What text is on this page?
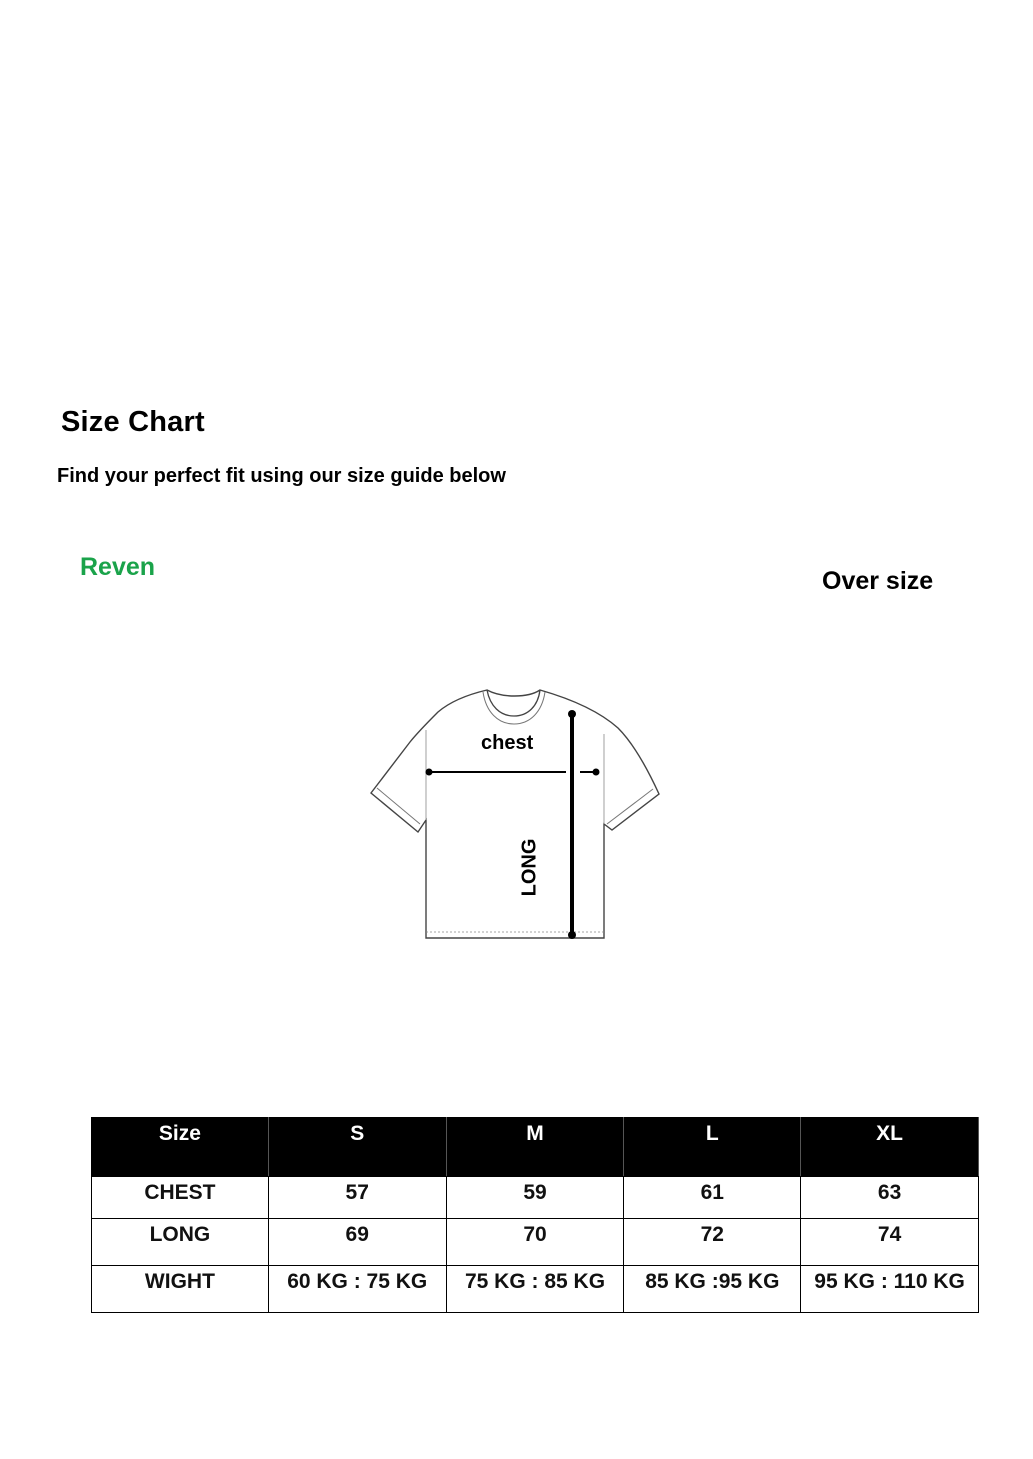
Size Chart
Find your perfect fit using our size guide below
Reven	Over size
chest
LONG
Size	S	M	L	XL
CHEST	57	59	61	63
LONG	69	70	72	74
WIGHT	60 KG : 75 KG	75 KG : 85 KG	85 KG :95 KG	95 KG : 110 KG
